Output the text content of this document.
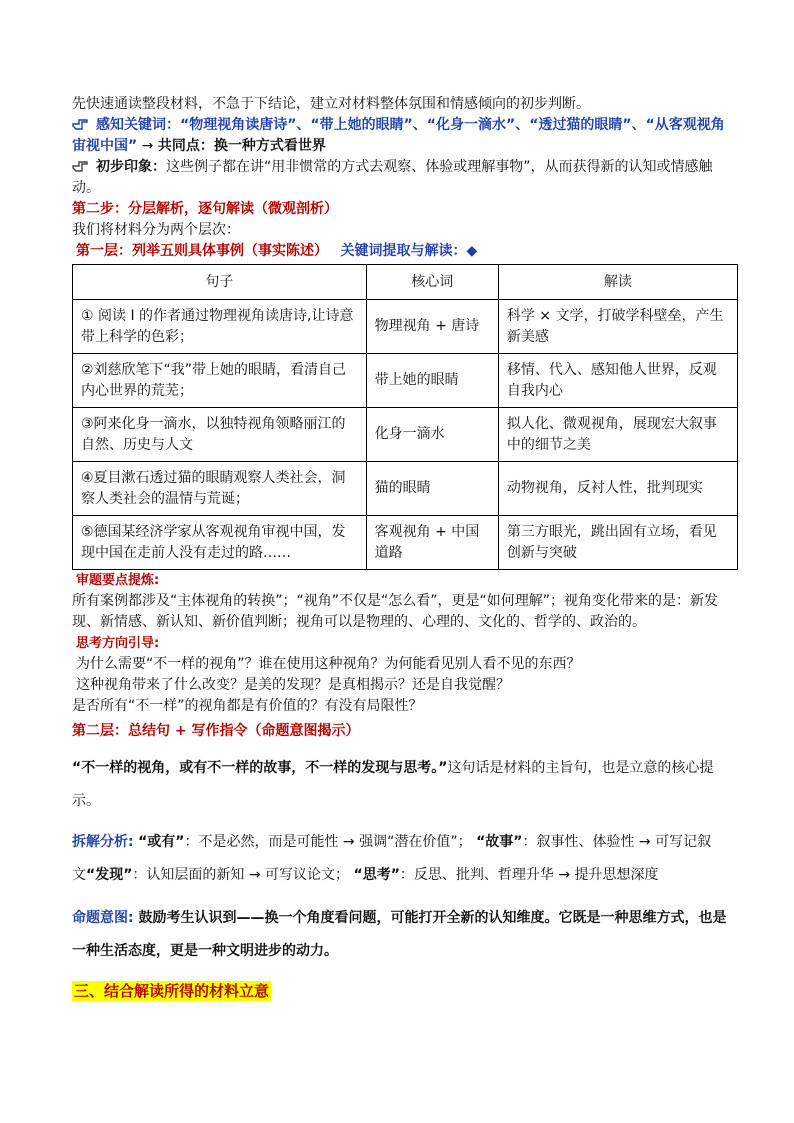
先快速通读整段材料，不急于下结论，建立对材料整体氛围和情感倾向的初步判断。
感知关键词：“物理视角读唐诗”、“带上她的眼睛”、“化身一滴水”、“透过猫的眼睛”、“从客观视角宙视中国” → 共同点：换一种方式看世界
初步印象：这些例子都在讲“用非惯常的方式去观察、体验或理解事物”，从而获得新的认知或情感触动。
第二步：分层解析，逐句解读（微观剖析）
我们将材料分为两个层次：
第一层：列举五则具体事例（事实陈述） 关键词提取与解读：◆
句子	核心词	解读
① 阅读 I 的作者通过物理视角读唐诗,让诗意带上科学的色彩；	物理视角 + 唐诗	科学 × 文学，打破学科壁垒，产生新美感
②刘慈欣笔下“我”带上她的眼睛，看清自己内心世界的荒芜；	带上她的眼睛	移情、代入、感知他人世界，反观自我内心
③阿来化身一滴水，以独特视角领略丽江的自然、历史与人文	化身一滴水	拟人化、微观视角，展现宏大叙事中的细节之美
④夏目漱石透过猫的眼睛观察人类社会，洞察人类社会的温情与荒诞；	猫的眼睛	动物视角，反衬人性，批判现实
⑤德国某经济学家从客观视角审视中国，发现中国在走前人没有走过的路……	客观视角 + 中国道路	第三方眼光，跳出固有立场，看见创新与突破
审题要点提炼:
所有案例都涉及“主体视角的转换”；“视角”不仅是“怎么看”，更是“如何理解”；视角变化带来的是：新发现、新情感、新认知、新价值判断；视角可以是物理的、心理的、文化的、哲学的、政治的。
思考方向引导:
为什么需要“不一样的视角”？谁在使用这种视角？为何能看见别人看不见的东西？
这种视角带来了什么改变？是美的发现？是真相揭示？还是自我觉醒？
是否所有“不一样”的视角都是有价值的？有没有局限性？
第二层：总结句 + 写作指令（命题意图揭示）
“不一样的视角，或有不一样的故事，不一样的发现与思考。”这句话是材料的主旨句，也是立意的核心提示。
拆解分析: “或有”：不是必然，而是可能性 → 强调“潜在价值”； “故事”：叙事性、体验性 → 可写记叙文“发现”：认知层面的新知 → 可写议论文； “思考”：反思、批判、哲理升华 → 提升思想深度
命题意图: 鼓励考生认识到——换一个角度看问题，可能打开全新的认知维度。它既是一种思维方式，也是一种生活态度，更是一种文明进步的动力。
三、结合解读所得的材料立意
